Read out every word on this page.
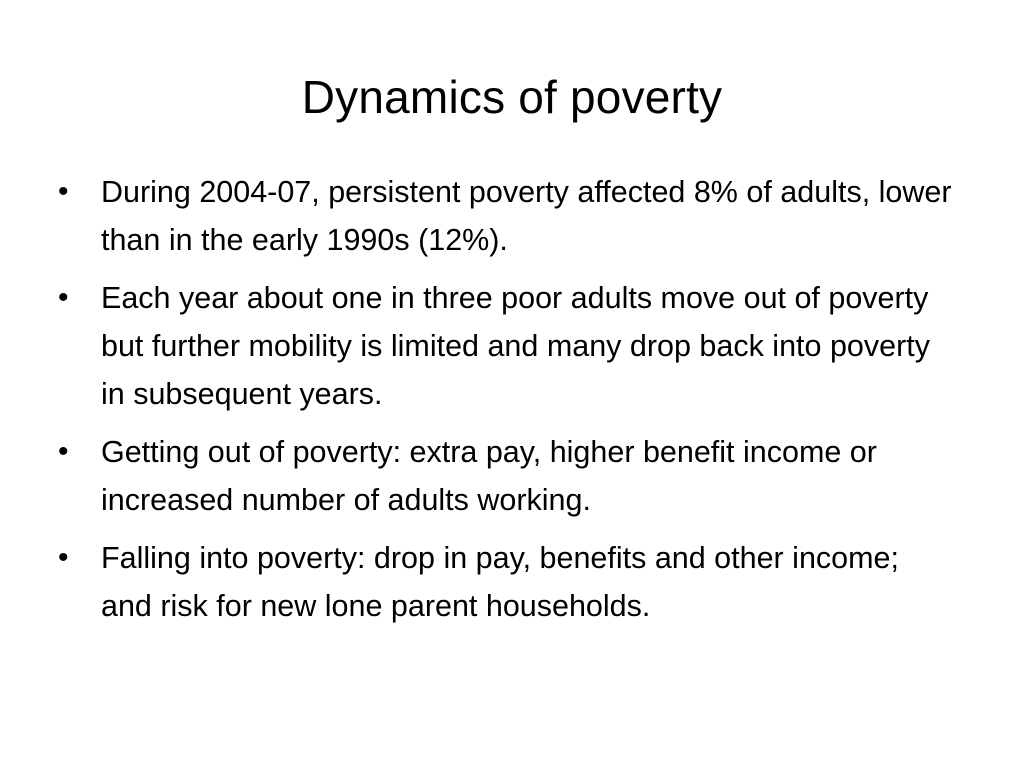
Dynamics of poverty
•	During 2004-07, persistent poverty affected 8% of adults, lower than in the early 1990s (12%).
•	Each year about one in three poor adults move out of poverty but further mobility is limited and many drop back into poverty in subsequent years.
•	Getting out of poverty: extra pay, higher benefit income or increased number of adults working.
•	Falling into poverty: drop in pay, benefits and other income; and risk for new lone parent households.
